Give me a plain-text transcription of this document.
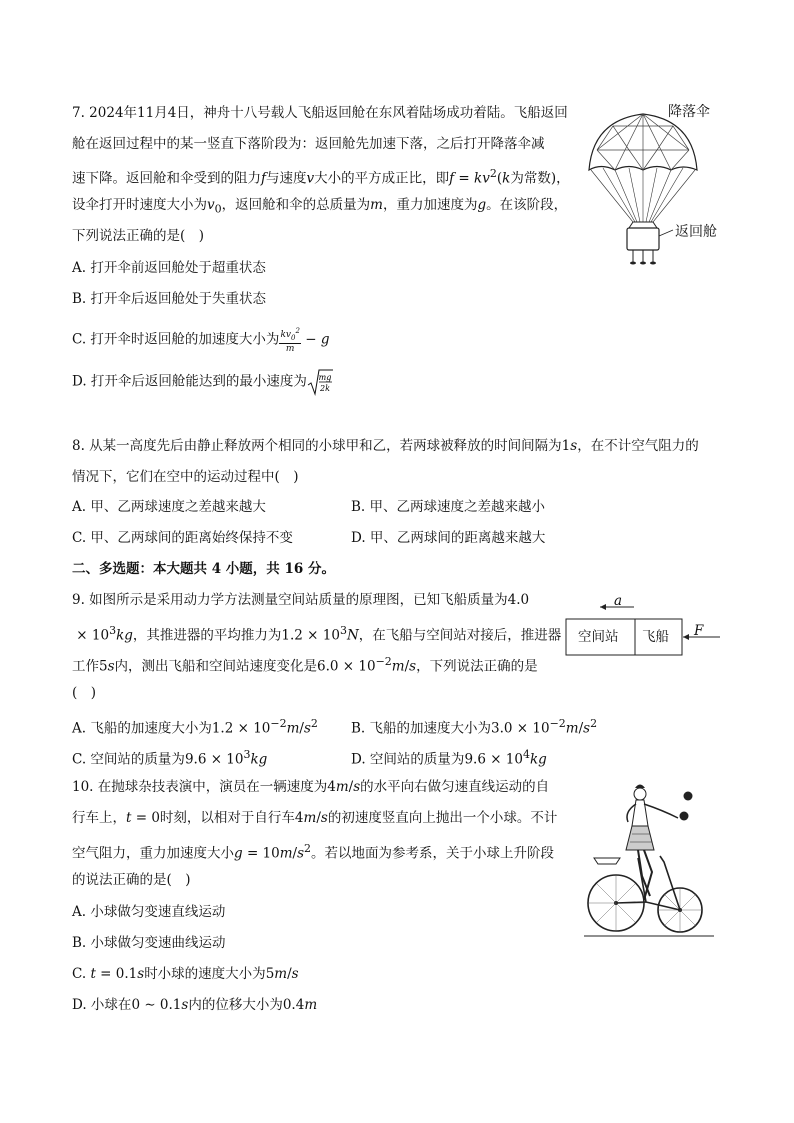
7. 2024年11月4日，神舟十八号载人飞船返回舱在东风着陆场成功着陆。飞船返回
舱在返回过程中的某一竖直下落阶段为：返回舱先加速下落，之后打开降落伞减
速下降。返回舱和伞受到的阻力f与速度v大小的平方成正比，即$f = kv^2(k$为常数)，
设伞打开时速度大小为$v_0$，返回舱和伞的总质量为m，重力加速度为g。在该阶段，
下列说法正确的是(　)
A. 打开伞前返回舱处于超重状态
B. 打开伞后返回舱处于失重状态
C. 打开伞时返回舱的加速度大小为 $\frac{kv_0^2}{m} - g$
D. 打开伞后返回舱能达到的最小速度为 mg
2k
降落伞
返回舱
8. 从某一高度先后由静止释放两个相同的小球甲和乙，若两球被释放的时间间隔为1s，在不计空气阻力的
情况下，它们在空中的运动过程中(　)
A. 甲、乙两球速度之差越来越大	B. 甲、乙两球速度之差越来越小
C. 甲、乙两球间的距离始终保持不变	D. 甲、乙两球间的距离越来越大
二、多选题：本大题共 4 小题，共 16 分。
9. 如图所示是采用动力学方法测量空间站质量的原理图，已知飞船质量为4.0
× $10^3kg$，其推进器的平均推力为$1.2 \times 10^3N$，在飞船与空间站对接后，推进器
工作5s内，测出飞船和空间站速度变化是$6.0 \times 10^{-2}m/s$，下列说法正确的是
(　)
A. 飞船的加速度大小为$1.2 \times 10^{-2}m/s^2$ B. 飞船的加速度大小为$3.0 \times 10^{-2}m/s^2$
C. 空间站的质量为$9.6 \times 10^3kg$	D. 空间站的质量为$9.6 \times 10^4kg$
a
F
空间站 飞船
10. 在抛球杂技表演中，演员在一辆速度为4m/s的水平向右做匀速直线运动的自
行车上，t = 0时刻，以相对于自行车4m/s的初速度竖直向上抛出一个小球。不计
空气阻力，重力加速度大小$g = 10m/s^2$。若以地面为参考系，关于小球上升阶段
的说法正确的是(　)
A. 小球做匀变速直线运动
B. 小球做匀变速曲线运动
C. t = 0.1s时小球的速度大小为5m/s
D. 小球在0 ∼ 0.1s内的位移大小为0.4m
